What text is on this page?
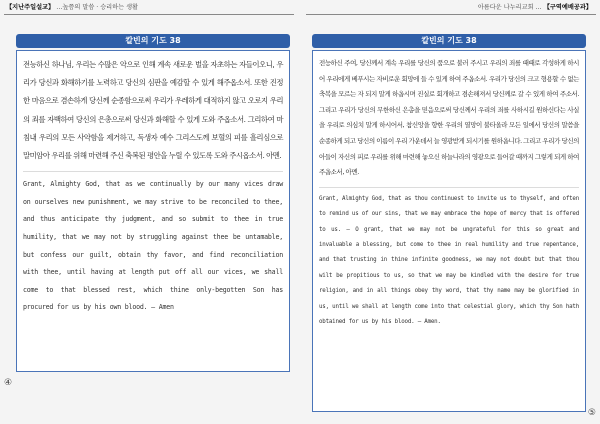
【지난주일설교】 …높쯤의 말씀 · 승리하는 생활
칼빈의 기도 38

전능하신 하나님, 우리는 수많은 악으로 인해 계속 새로운 벌을 자초하는 자들이오니, 우리가 당신과 화해하기를 노력하고 당신의 심판을 예감할 수 있게 해주옵소서. 또한 진정한 마음으로 겸손하게 당신께 순종함으로써 우리가 우레하게 대적하지 않고 오로지 우리의 죄를 자백하여 당신의 은총으로써 당신과 화해할 수 있게 도와 주옵소서. 그리하여 마침내 우리의 모든 사악함을 제거하고, 독생자 예수 그리스도께 보혈의 피를 흘리심으로 말미암아 우리를 위해 마련해 주신 축복된 평안을 누릴 수 있도록 도와 주시옵소서. 아멘.

Grant, Almighty God, that as we continually by our many vices draw on ourselves new punishment, we may strive to be reconciled to thee, and thus anticipate thy judgment, and so submit to thee in true humility, that we may not by struggling against thee be untamable, but confess our guilt, obtain thy favor, and find reconciliation with thee, until having at length put off all our vices, we shall come to that blessed rest, which thine only-begotten Son has procured for us by his own blood. — Amen

④
아름다운 나누리교회 … 【구역예배공과】
칼빈의 기도 38

전능하신 주여, 당신께서 계속 우리를 당신의 품으로 불러 주시고 우리의 죄를 때때로 각성하게 하시어 우리에게 베푸시는 자비로운 회망에 들 수 있게 하여 주옵소서. 우리가 당신의 크고 형용할 수 없는 축복을 모르는 자 되지 말게 하옵시며 진실로 회개하고 겸손해져서 당신께로 갈 수 있게 하여 주소서. 그리고 우리가 당신의 무한하신 은총을 믿음으로써 당신께서 우리의 죄를 사하시길 원하신다는 사실을 우리로 의심치 말게 하시어서, 참신앙을 향한 우리의 열망이 불타올라 모든 일에서 당신의 말씀을 순종하게 되고 당신의 이름이 우리 가운데서 늘 영광받게 되시기를 원하옵니다. 그리고 우리가 당신의 아들이 자신의 피로 우리를 위해 마련해 놓으신 하늘나라의 영광으로 들어갈 때까지 그렇게 되게 하여 주옵소서, 아멘.

Grant, Almighty God, that as thou continuest to invite us to thyself, and often to remind us of our sins, that we may embrace the hope of mercy that is offered to us. — O grant, that we may not be ungrateful for this so great and invaluable a blessing, but come to thee in real humility and true repentance, and that trusting in thine infinite goodness, we may not doubt but that thou wilt be propitious to us, so that we may be kindled with the desire for true religion, and in all things obey thy word, that thy name may be glorified in us, until we shall at length come into that celestial glory, which thy Son hath obtained for us by his blood. — Amen.

⑤
